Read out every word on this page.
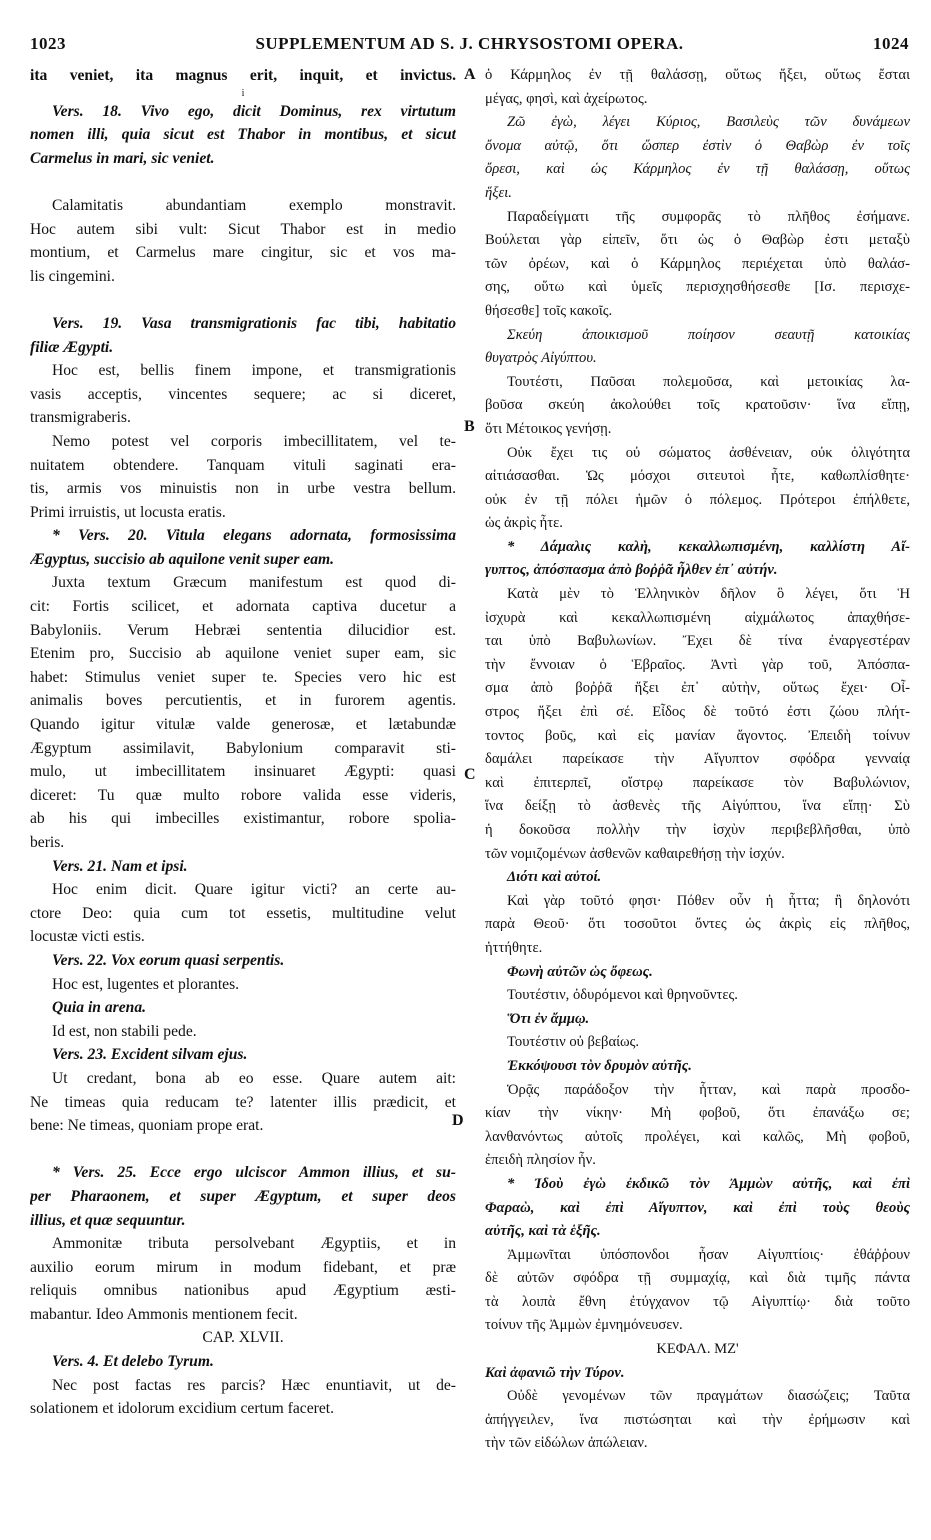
1023	SUPPLEMENTUM AD S. J. CHRYSOSTOMI OPERA.	1024
A
B
C
D
ita veniet, ita magnus erit, inquit, et invictus.
i
Vers. 18. Vivo ego, dicit Dominus, rex virtutum
nomen illi, quia sicut est Thabor in montibus, et sicut
Carmelus in mari, sic veniet.
Calamitatis abundantiam exemplo monstravit.
Hoc autem sibi vult: Sicut Thabor est in medio
montium, et Carmelus mare cingitur, sic et vos ma-
lis cingemini.
Vers. 19. Vasa transmigrationis fac tibi, habitatio
filiæ Ægypti.
Hoc est, bellis finem impone, et transmigrationis
vasis acceptis, vincentes sequere; ac si diceret,
transmigraberis.
Nemo potest vel corporis imbecillitatem, vel te-
nuitatem obtendere. Tanquam vituli saginati era-
tis, armis vos minuistis non in urbe vestra bellum.
Primi irruistis, ut locusta eratis.
* Vers. 20. Vitula elegans adornata, formosissima
Ægyptus, succisio ab aquilone venit super eam.
Juxta textum Græcum manifestum est quod di-
cit: Fortis scilicet, et adornata captiva ducetur a
Babyloniis. Verum Hebræi sententia dilucidior est.
Etenim pro, Succisio ab aquilone veniet super eam, sic
habet: Stimulus veniet super te. Species vero hic est
animalis boves percutientis, et in furorem agentis.
Quando igitur vitulæ valde generosæ, et lætabundæ
Ægyptum assimilavit, Babylonium comparavit sti-
mulo, ut imbecillitatem insinuaret Ægypti: quasi
diceret: Tu quæ multo robore valida esse videris,
ab his qui imbecilles existimantur, robore spolia-
beris.
Vers. 21. Nam et ipsi.
Hoc enim dicit. Quare igitur victi? an certe au-
ctore Deo: quia cum tot essetis, multitudine velut
locustæ victi estis.
Vers. 22. Vox eorum quasi serpentis.
Hoc est, lugentes et plorantes.
Quia in arena.
Id est, non stabili pede.
Vers. 23. Excident silvam ejus.
Ut credant, bona ab eo esse. Quare autem ait:
Ne timeas quia reducam te? latenter illis prædicit, et
bene: Ne timeas, quoniam prope erat.
* Vers. 25. Ecce ergo ulciscor Ammon illius, et su-
per Pharaonem, et super Ægyptum, et super deos
illius, et quæ sequuntur.
Ammonitæ tributa persolvebant Ægyptiis, et in
auxilio eorum mirum in modum fidebant, et præ
reliquis omnibus nationibus apud Ægyptium æsti-
mabantur. Ideo Ammonis mentionem fecit.
CAP. XLVII.
Vers. 4. Et delebo Tyrum.
Nec post factas res parcis? Hæc enuntiavit, ut de-
solationem et idolorum excidium certum faceret.
ὁ Κάρμηλος ἐν τῇ θαλάσσῃ, οὕτως ἥξει, οὕτως ἔσται
μέγας, φησὶ, καὶ ἀχείρωτος.
Ζῶ ἐγὼ, λέγει Κύριος, Βασιλεὺς τῶν δυνάμεων
ὄνομα αὐτῷ, ὅτι ὥσπερ ἐστὶν ὁ Θαβὼρ ἐν τοῖς
ὄρεσι, καὶ ὡς Κάρμηλος ἐν τῇ θαλάσσῃ, οὕτως
ἥξει.
Παραδείγματι τῆς συμφορᾶς τὸ πλῆθος ἐσήμανε.
Βούλεται γὰρ εἰπεῖν, ὅτι ὡς ὁ Θαβὼρ ἐστι μεταξὺ
τῶν ὀρέων, καὶ ὁ Κάρμηλος περιέχεται ὑπὸ θαλάσ-
σης, οὕτω καὶ ὑμεῖς περισχησθήσεσθε [Ισ. περισχε-
θήσεσθε] τοῖς κακοῖς.
Σκεύη ἀποικισμοῦ ποίησον σεαυτῇ κατοικίας
θυγατρὸς Αἰγύπτου.
Τουτέστι, Παῦσαι πολεμοῦσα, καὶ μετοικίας λα-
βοῦσα σκεύη ἀκολούθει τοῖς κρατοῦσιν· ἵνα εἴπῃ,
ὅτι Μέτοικος γενήσῃ.
Οὐκ ἔχει τις οὐ σώματος ἀσθένειαν, οὐκ ὀλιγότητα
αἰτιάσασθαι. Ὡς μόσχοι σιτευτοὶ ἦτε, καθωπλίσθητε·
οὐκ ἐν τῇ πόλει ἡμῶν ὁ πόλεμος. Πρότεροι ἐπήλθετε,
ὡς ἀκρὶς ἦτε.
* Δάμαλις καλὴ, κεκαλλωπισμένη, καλλίστη Αἴ-
γυπτος, ἀπόσπασμα ἀπὸ βοῤῥᾶ ἦλθεν ἐπ᾽ αὐτήν.
Κατὰ μὲν τὸ Ἑλληνικὸν δῆλον ὃ λέγει, ὅτι Ἡ
ἰσχυρὰ καὶ κεκαλλωπισμένη αἰχμάλωτος ἀπαχθήσε-
ται ὑπὸ Βαβυλωνίων. Ἔχει δὲ τίνα ἐναργεστέραν
τὴν ἔννοιαν ὁ Ἑβραῖος. Ἀντὶ γὰρ τοῦ, Ἀπόσπα-
σμα ἀπὸ βοῤῥᾶ ἥξει ἐπ᾽ αὐτὴν, οὕτως ἔχει· Οἶ-
στρος ἥξει ἐπὶ σέ. Εἶδος δὲ τοῦτό ἐστι ζώου πλήτ-
τοντος βοῦς, καὶ εἰς μανίαν ἄγοντος. Ἐπειδὴ τοίνυν
δαμάλει παρείκασε τὴν Αἴγυπτον σφόδρα γενναίᾳ
καὶ ἐπιτερπεῖ, οἴστρῳ παρείκασε τὸν Βαβυλώνιον,
ἵνα δείξῃ τὸ ἀσθενὲς τῆς Αἰγύπτου, ἵνα εἴπῃ· Σὺ
ἡ δοκοῦσα πολλὴν τὴν ἰσχὺν περιβεβλῆσθαι, ὑπὸ
τῶν νομιζομένων ἀσθενῶν καθαιρεθήσῃ τὴν ἰσχύν.
Διότι καὶ αὐτοί.
Καὶ γὰρ τοῦτό φησι· Πόθεν οὖν ἡ ἧττα; ἢ δηλονότι
παρὰ Θεοῦ· ὅτι τοσοῦτοι ὄντες ὡς ἀκρὶς εἰς πλῆθος,
ἡττήθητε.
Φωνὴ αὐτῶν ὡς ὄφεως.
Τουτέστιν, ὀδυρόμενοι καὶ θρηνοῦντες.
Ὅτι ἐν ἄμμῳ.
Τουτέστιν οὐ βεβαίως.
Ἐκκόψουσι τὸν δρυμὸν αὐτῆς.
Ὁρᾷς παράδοξον τὴν ἧτταν, καὶ παρὰ προσδο-
κίαν τὴν νίκην· Μὴ φοβοῦ, ὅτι ἐπανάξω σε;
λανθανόντως αὐτοῖς προλέγει, καὶ καλῶς, Μὴ φοβοῦ,
ἐπειδὴ πλησίον ἦν.
* Ἰδοὺ ἐγὼ ἐκδικῶ τὸν Ἀμμὼν αὐτῆς, καὶ ἐπὶ
Φαραὼ, καὶ ἐπὶ Αἴγυπτον, καὶ ἐπὶ τοὺς θεοὺς
αὐτῆς, καὶ τὰ ἑξῆς.
Ἀμμωνῖται ὑπόσπονδοι ἦσαν Αἰγυπτίοις· ἐθάῤῥουν
δὲ αὐτῶν σφόδρα τῇ συμμαχίᾳ, καὶ διὰ τιμῆς πάντα
τὰ λοιπὰ ἔθνη ἐτύγχανον τῷ Αἰγυπτίῳ· διὰ τοῦτο
τοίνυν τῆς Ἀμμὼν ἐμνημόνευσεν.
ΚΕΦΑΛ. ΜΖ'
Καὶ ἀφανιῶ τὴν Τύρον.
Οὐδὲ γενομένων τῶν πραγμάτων διασώζεις; Ταῦτα
ἀπήγγειλεν, ἵνα πιστώσηται καὶ τὴν ἐρήμωσιν καὶ
τὴν τῶν εἰδώλων ἀπώλειαν.
